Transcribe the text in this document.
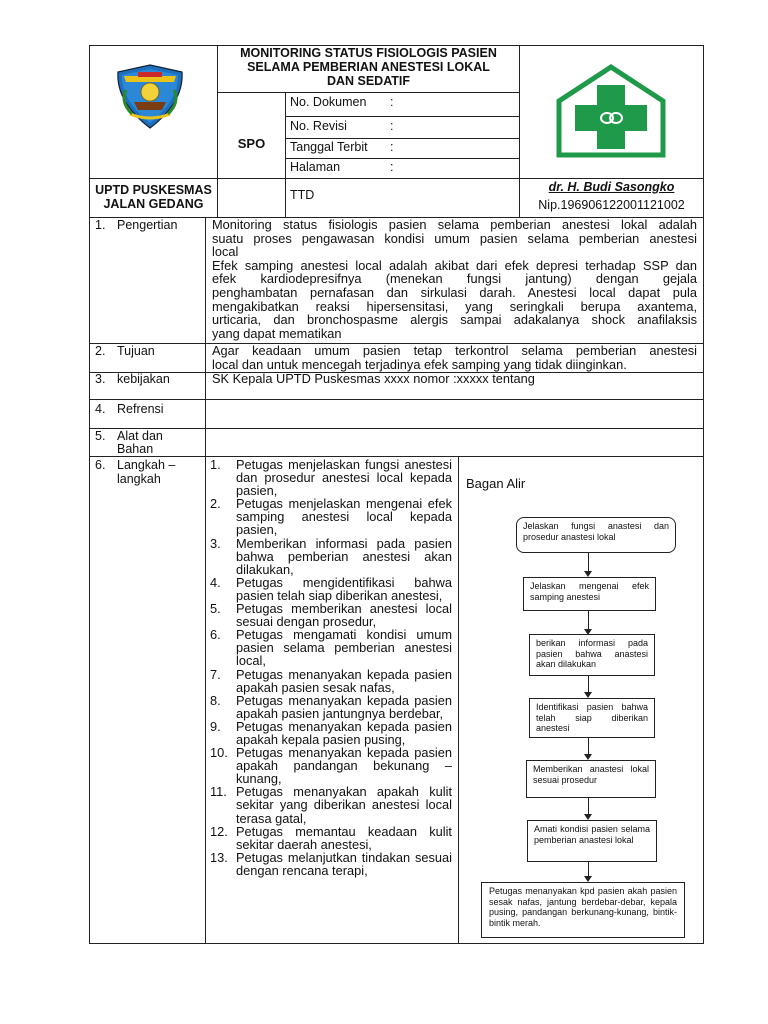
MONITORING STATUS FISIOLOGIS PASIEN
SELAMA PEMBERIAN ANESTESI LOKAL
DAN SEDATIF
SPO
No. Dokumen :
No. Revisi	:
Tanggal Terbit :
Halaman	:
UPTD PUSKESMAS
JALAN GEDANG
TTD
dr. H. Budi Sasongko
Nip.196906122001121002
1. Pengertian	Monitoring status fisiologis pasien selama pemberian anestesi lokal adalah
suatu proses pengawasan kondisi umum pasien selama pemberian anestesi
local
Efek samping anestesi local adalah akibat dari efek depresi terhadap SSP dan
efek kardiodepresifnya (menekan fungsi jantung) dengan gejala
penghambatan pernafasan dan sirkulasi darah. Anestesi local dapat pula
mengakibatkan reaksi hipersensitasi, yang seringkali berupa axantema,
urticaria, dan bronchospasme alergis sampai adakalanya shock anafilaksis
yang dapat mematikan
2. Tujuan	Agar keadaan umum pasien tetap terkontrol selama pemberian anestesi
local dan untuk mencegah terjadinya efek samping yang tidak diinginkan.
3. kebijakan	SK Kepala UPTD Puskesmas xxxx nomor :xxxxx tentang
4. Refrensi
5. Alat dan
Bahan
6. Langkah –
langkah
1. Petugas menjelaskan fungsi anestesi dan prosedur anestesi local kepada pasien,
2. Petugas menjelaskan mengenai efek samping anestesi local kepada pasien,
3. Memberikan informasi pada pasien bahwa pemberian anestesi akan dilakukan,
4. Petugas mengidentifikasi bahwa pasien telah siap diberikan anestesi,
5. Petugas memberikan anestesi local sesuai dengan prosedur,
6. Petugas mengamati kondisi umum pasien selama pemberian anestesi local,
7. Petugas menanyakan kepada pasien apakah pasien sesak nafas,
8. Petugas menanyakan kepada pasien apakah pasien jantungnya berdebar,
9. Petugas menanyakan kepada pasien apakah kepala pasien pusing,
10. Petugas menanyakan kepada pasien apakah pandangan bekunang – kunang,
11. Petugas menanyakan apakah kulit sekitar yang diberikan anestesi local terasa gatal,
12. Petugas memantau keadaan kulit sekitar daerah anestesi,
13. Petugas melanjutkan tindakan sesuai dengan rencana terapi,
Bagan Alir
Jelaskan fungsi anastesi dan prosedur anastesi lokal
Jelaskan mengenai efek samping anestesi
berikan informasi pada pasien bahwa anastesi akan dilakukan
Identifikasi pasien bahwa telah siap diberikan anestesi
Memberikan anastesi lokal sesuai prosedur
Amati kondisi pasien selama pemberian anastesi lokal
Petugas menanyakan kpd pasien akah pasien sesak nafas, jantung berdebar-debar, kepala pusing, pandangan berkunang-kunang, bintik-bintik merah.
